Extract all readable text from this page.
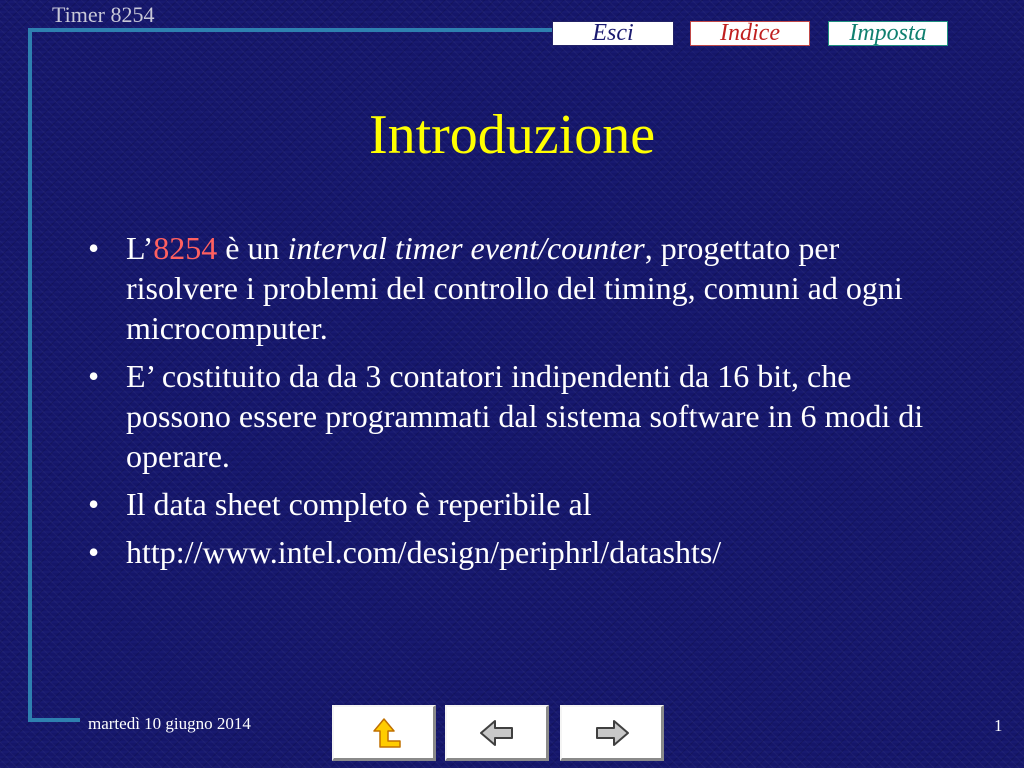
Timer 8254
Esci	Indice	Imposta
Introduzione
• L’8254 è un interval timer event/counter, progettato per risolvere i problemi del controllo del timing, comuni ad ogni microcomputer.
• E’ costituito da da 3 contatori indipendenti da 16 bit, che possono essere programmati dal sistema software in 6 modi di operare.
• Il data sheet completo è reperibile al
• http://www.intel.com/design/periphrl/datashts/
martedì 10 giugno 2014	1
